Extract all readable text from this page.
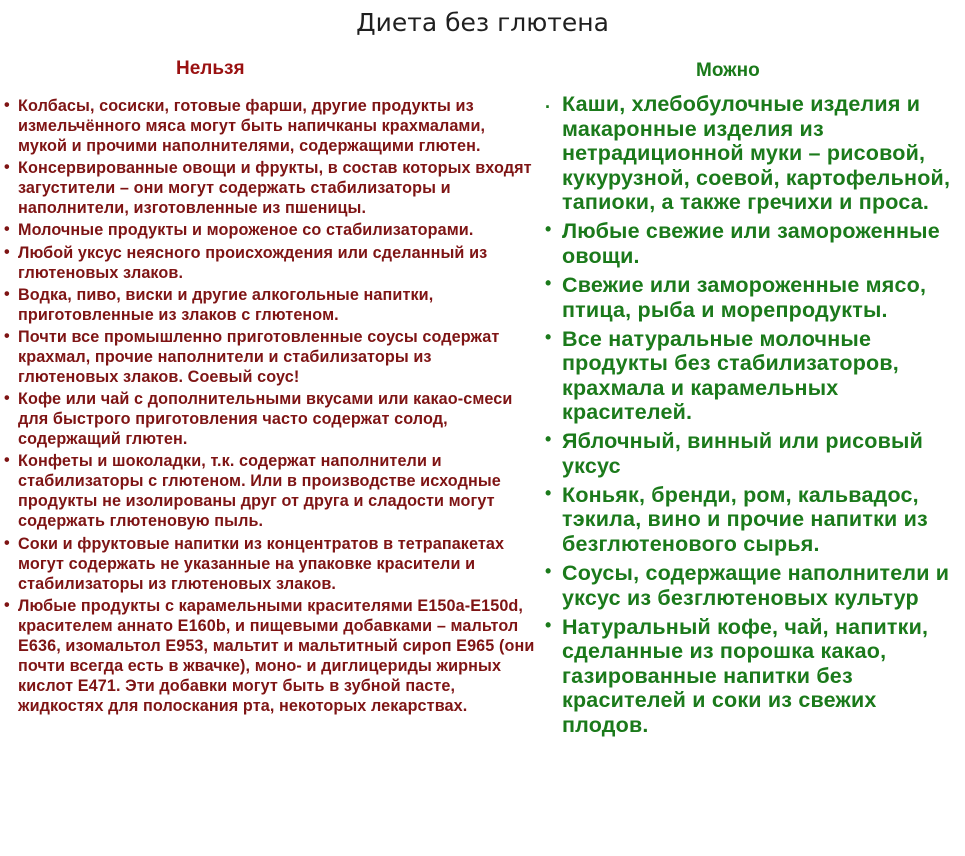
Диета без глютена
Нельзя	Можно
• Колбасы, сосиски, готовые фарши, другие продукты из измельчённого мяса могут быть напичканы крахмалами, мукой и прочими наполнителями, содержащими глютен.
• Консервированные овощи и фрукты, в состав которых входят загустители – они могут содержать стабилизаторы и наполнители, изготовленные из пшеницы.
• Молочные продукты и мороженое со стабилизаторами.
• Любой уксус неясного происхождения или сделанный из глютеновых злаков.
• Водка, пиво, виски и другие алкогольные напитки, приготовленные из злаков с глютеном.
• Почти все промышленно приготовленные соусы содержат крахмал, прочие наполнители и стабилизаторы из глютеновых злаков. Соевый соус!
• Кофе или чай с дополнительными вкусами или какао-смеси для быстрого приготовления часто содержат солод, содержащий глютен.
• Конфеты и шоколадки, т.к. содержат наполнители и стабилизаторы с глютеном. Или в производстве исходные продукты не изолированы друг от друга и сладости могут содержать глютеновую пыль.
• Соки и фруктовые напитки из концентратов в тетрапакетах могут содержать не указанные на упаковке красители и стабилизаторы из глютеновых злаков.
• Любые продукты с карамельными красителями E150a-E150d, красителем аннато E160b, и пищевыми добавками – мальтол E636, изомальтол E953, мальтит и мальтитный сироп E965 (они почти всегда есть в жвачке), моно- и диглицериды жирных кислот E471. Эти добавки могут быть в зубной пасте, жидкостях для полоскания рта, некоторых лекарствах.
. Каши, хлебобулочные изделия и макаронные изделия из нетрадиционной муки – рисовой, кукурузной, соевой, картофельной, тапиоки, а также гречихи и проса.
• Любые свежие или замороженные овощи.
• Свежие или замороженные мясо, птица, рыба и морепродукты.
• Все натуральные молочные продукты без стабилизаторов, крахмала и карамельных красителей.
• Яблочный, винный или рисовый уксус
• Коньяк, бренди, ром, кальвадос, тэкила, вино и прочие напитки из безглютенового сырья.
• Соусы, содержащие наполнители и уксус из безглютеновых культур
• Натуральный кофе, чай, напитки, сделанные из порошка какао, газированные напитки без красителей и соки из свежих плодов.
